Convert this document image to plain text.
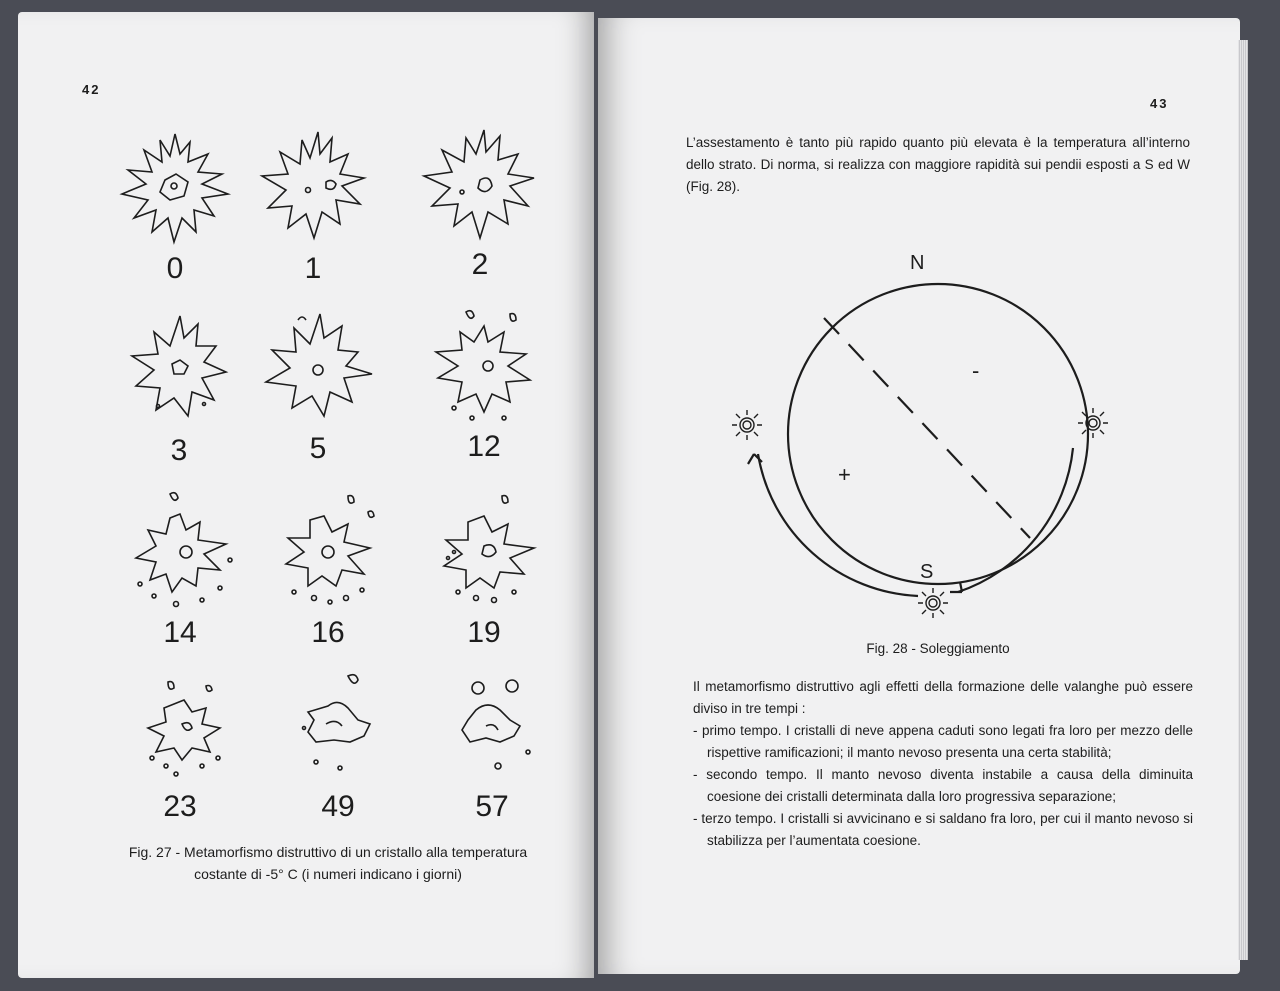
42
0	1	2
3	5	12
14	16	19
23	49	57
Fig. 27 - Metamorfismo distruttivo di un cristallo alla temperatura
costante di -5° C (i numeri indicano i giorni)
43
L’assestamento è tanto più rapido quanto più elevata è la temperatura all’interno dello strato. Di norma, si realizza con maggiore rapidità sui pendii esposti a S ed W (Fig. 28).
N
S
-
+
Fig. 28 - Soleggiamento
Il metamorfismo distruttivo agli effetti della formazione delle valanghe può essere diviso in tre tempi :
- primo tempo. I cristalli di neve appena caduti sono legati fra loro per mezzo delle rispettive ramificazioni; il manto nevoso presenta una certa stabilità;
- secondo tempo. Il manto nevoso diventa instabile a causa della diminuita coesione dei cristalli determinata dalla loro progressiva separazione;
- terzo tempo. I cristalli si avvicinano e si saldano fra loro, per cui il manto nevoso si stabilizza per l’aumentata coesione.
